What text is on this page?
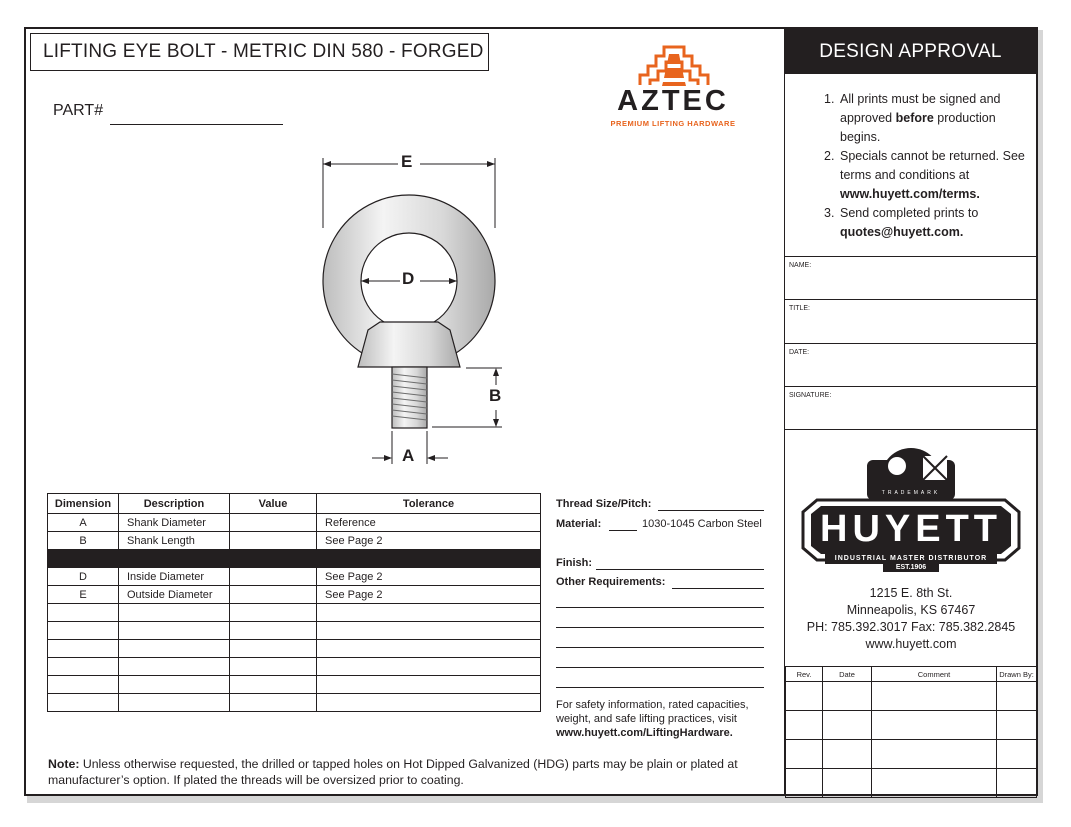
LIFTING EYE BOLT - METRIC DIN 580 - FORGED
PART#	AZTEC
PREMIUM LIFTING HARDWARE
E
D
B
A
Dimension	Description	Value	Tolerance
A	Shank Diameter		Reference
B	Shank Length		See Page 2

D	Inside Diameter		See Page 2
E	Outside Diameter		See Page 2

Thread Size/Pitch:
Material:	1030-1045 Carbon Steel
Finish:
Other Requirements:
For safety information, rated capacities, weight, and safe lifting practices, visit www.huyett.com/LiftingHardware.
Note: Unless otherwise requested, the drilled or tapped holes on Hot Dipped Galvanized (HDG) parts may be plain or plated at manufacturer’s option. If plated the threads will be oversized prior to coating.
DESIGN APPROVAL
1. All prints must be signed and approved before production begins.
2. Specials cannot be returned. See terms and conditions at www.huyett.com/terms.
3. Send completed prints to quotes@huyett.com.
NAME:
TITLE:
DATE:
SIGNATURE:
TRADEMARK
HUYETT
INDUSTRIAL MASTER DISTRIBUTOR
EST.1906
1215 E. 8th St.
Minneapolis, KS 67467
PH: 785.392.3017 Fax: 785.382.2845
www.huyett.com
Rev.	Date	Comment	Drawn By:
